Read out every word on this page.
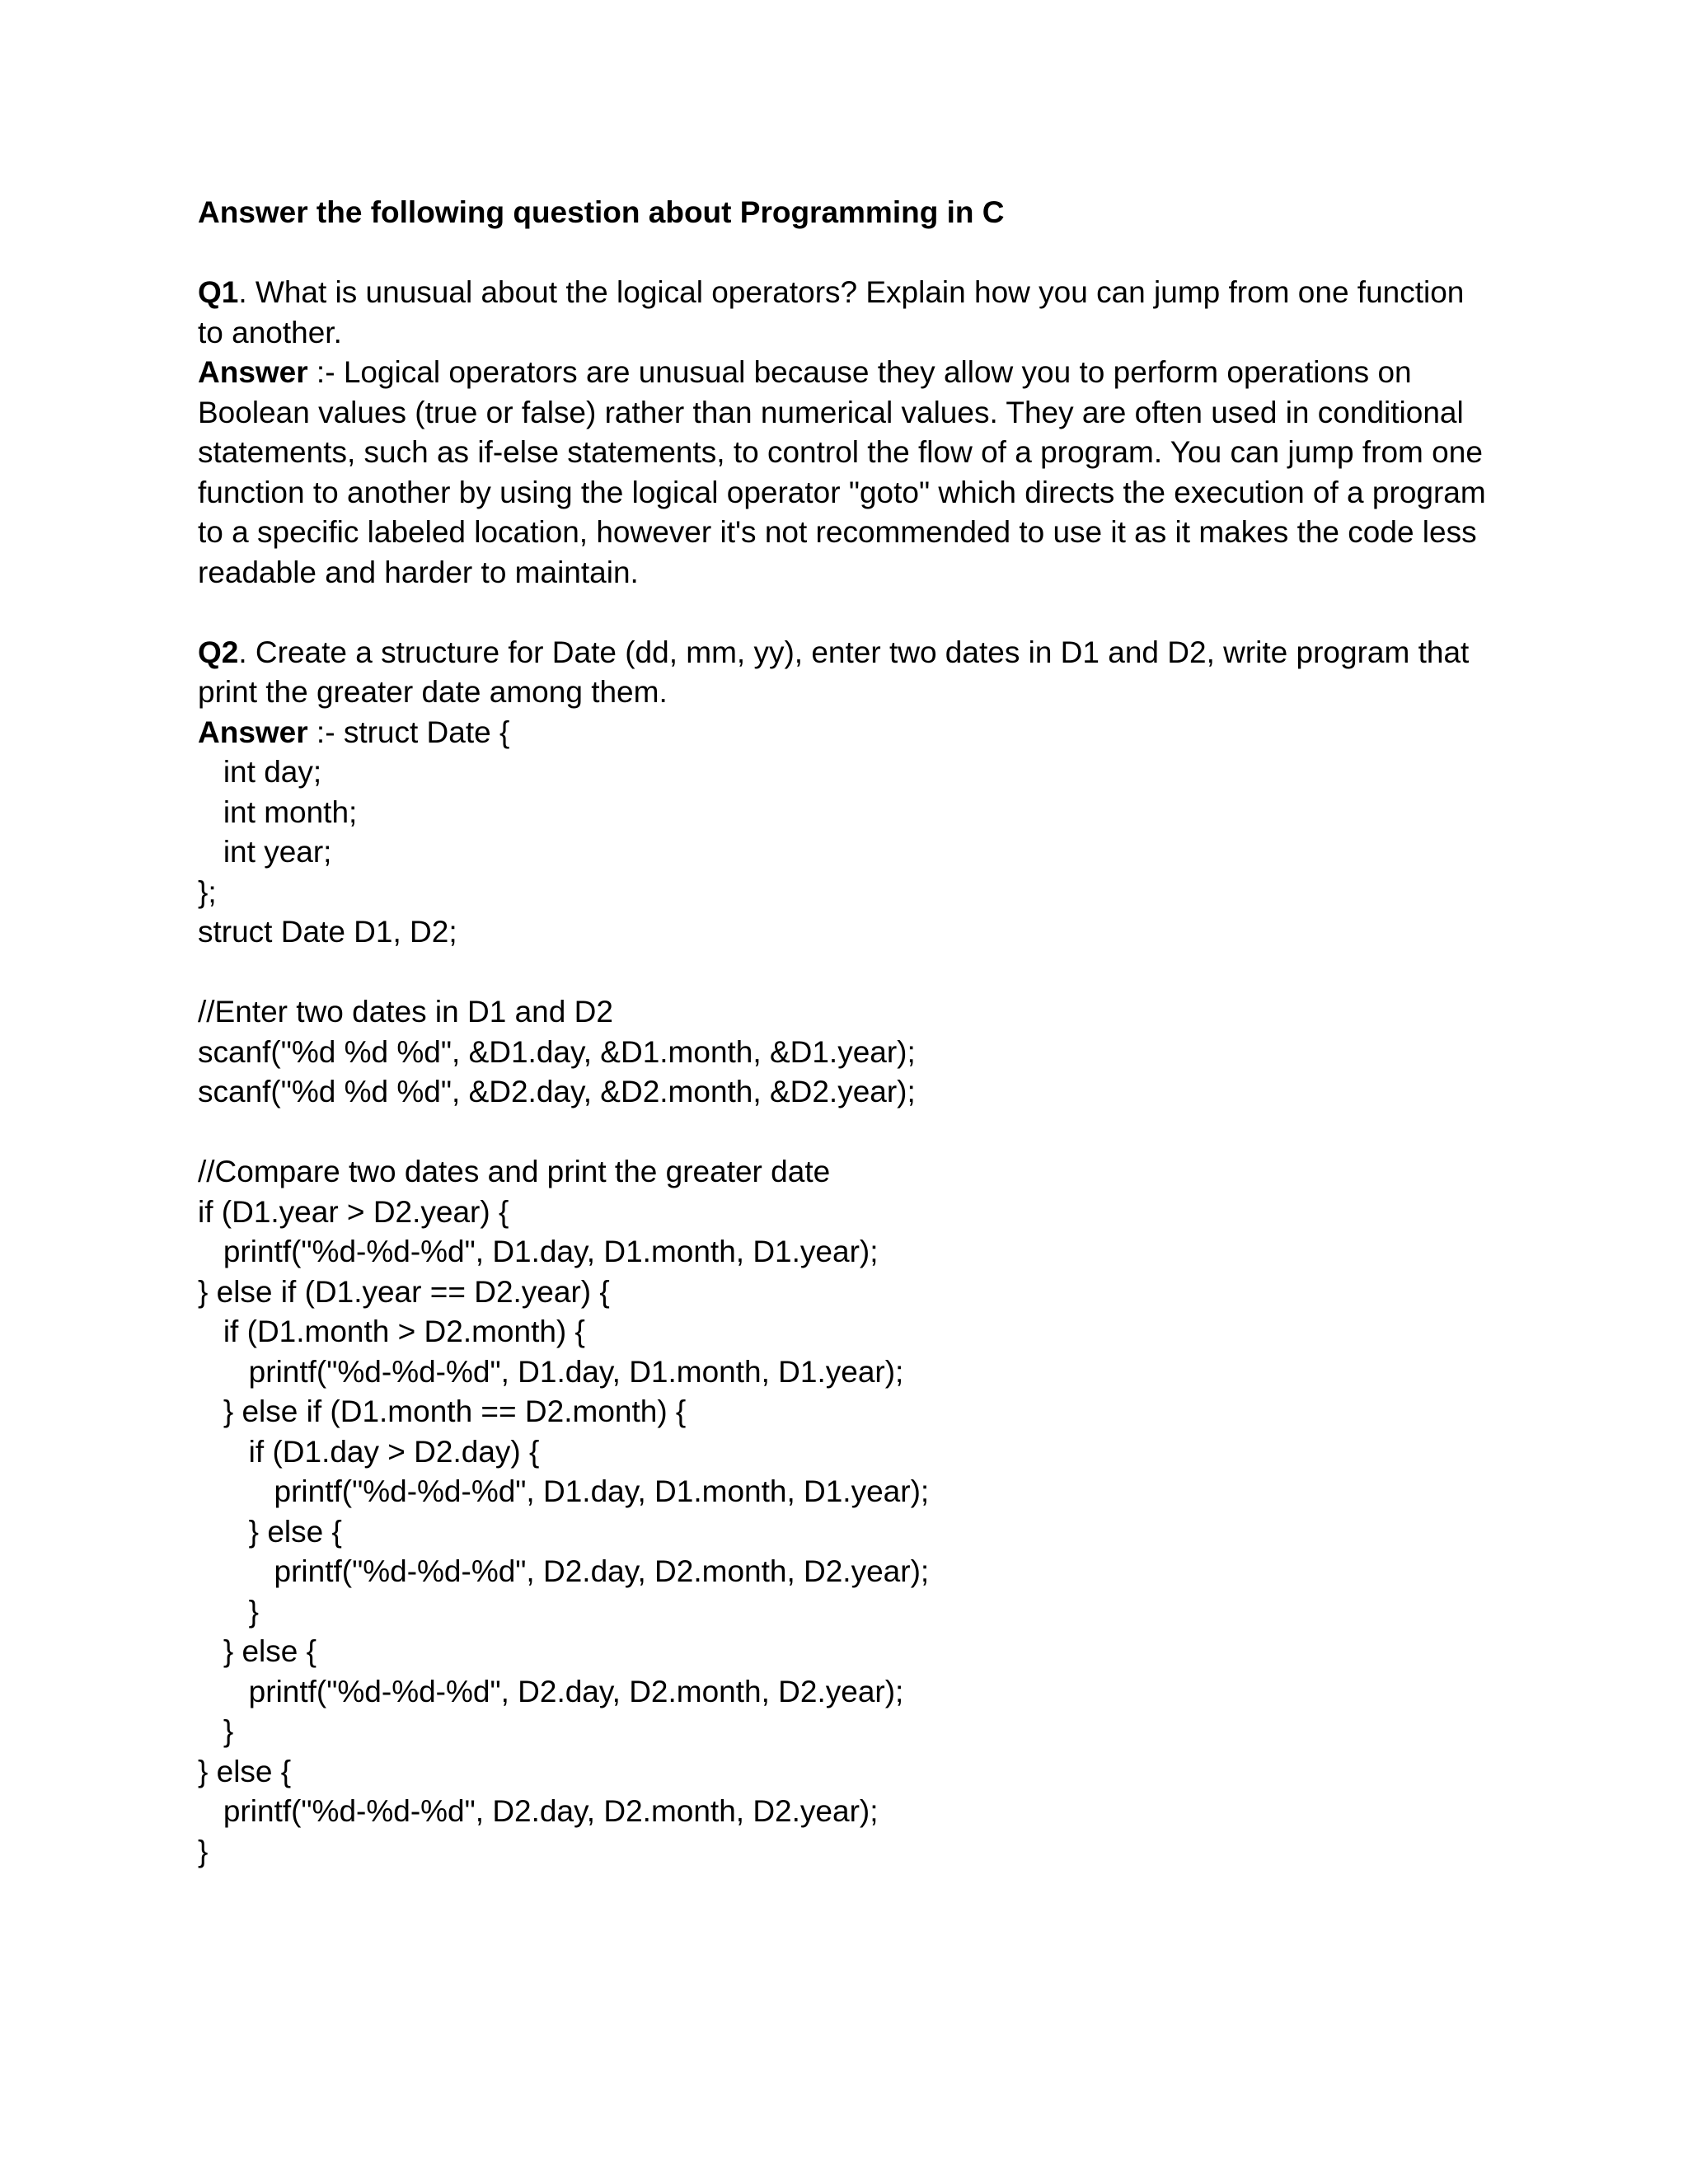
Answer the following question about Programming in C

Q1. What is unusual about the logical operators? Explain how you can jump from one function to another.

Answer :- Logical operators are unusual because they allow you to perform operations on Boolean values (true or false) rather than numerical values. They are often used in conditional statements, such as if-else statements, to control the flow of a program. You can jump from one function to another by using the logical operator "goto" which directs the execution of a program to a specific labeled location, however it's not recommended to use it as it makes the code less readable and harder to maintain.

Q2. Create a structure for Date (dd, mm, yy), enter two dates in D1 and D2, write program that print the greater date among them.

Answer :- struct Date {

int day;

int month;

int year;

};

struct Date D1, D2;

//Enter two dates in D1 and D2

scanf("%d %d %d", &D1.day, &D1.month, &D1.year);

scanf("%d %d %d", &D2.day, &D2.month, &D2.year);

//Compare two dates and print the greater date

if (D1.year > D2.year) {

printf("%d-%d-%d", D1.day, D1.month, D1.year);

} else if (D1.year == D2.year) {

if (D1.month > D2.month) {

printf("%d-%d-%d", D1.day, D1.month, D1.year);

} else if (D1.month == D2.month) {

if (D1.day > D2.day) {

printf("%d-%d-%d", D1.day, D1.month, D1.year);

} else {

printf("%d-%d-%d", D2.day, D2.month, D2.year);

}

} else {

printf("%d-%d-%d", D2.day, D2.month, D2.year);

}

} else {

printf("%d-%d-%d", D2.day, D2.month, D2.year);

}
